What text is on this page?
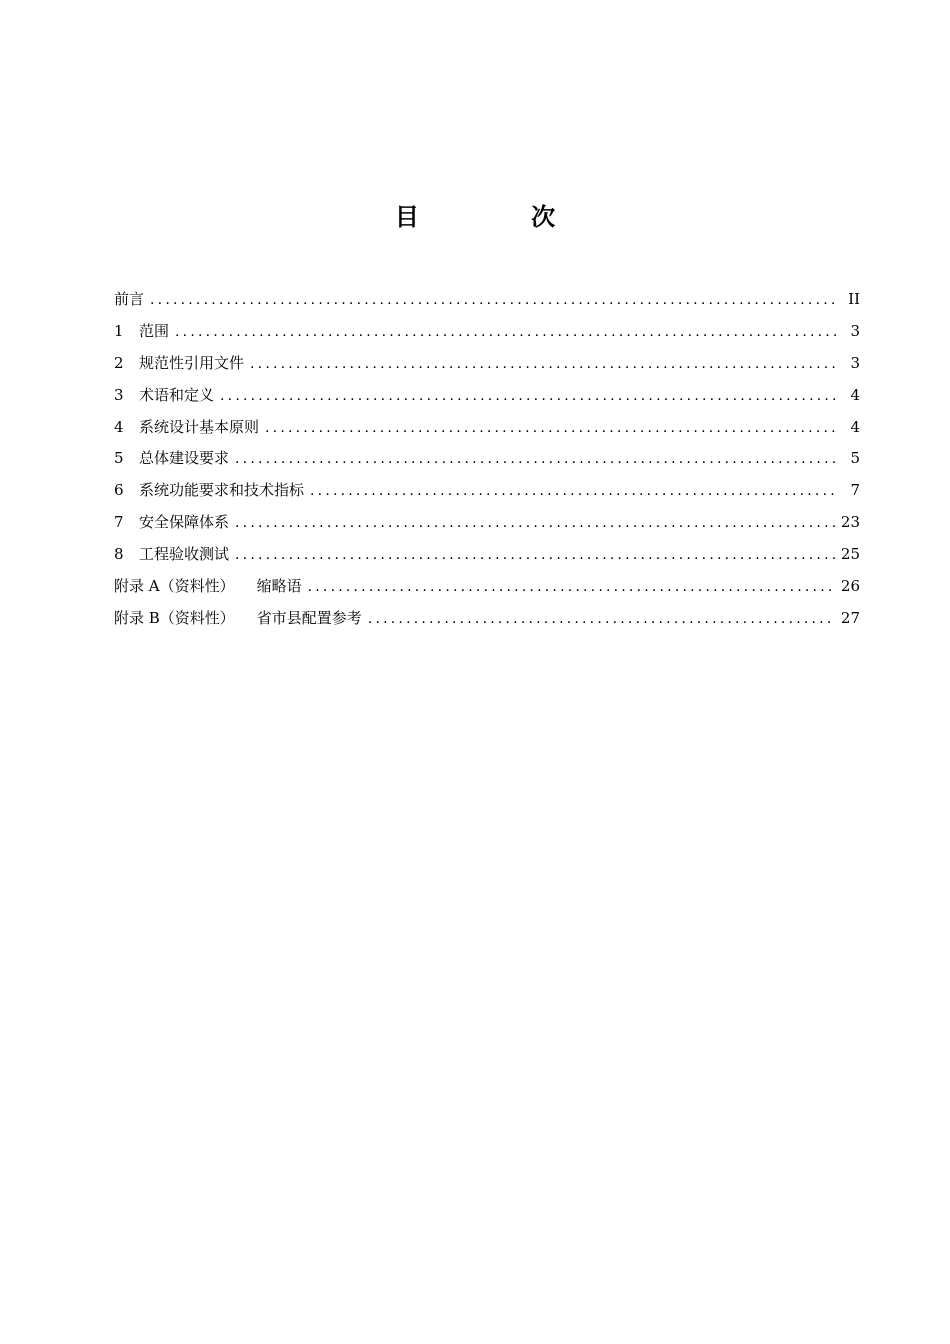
目 次
前言 .....	II
1	范围 .....	3
2	规范性引用文件 .....	3
3	术语和定义 .....	4
4	系统设计基本原则 .....	4
5	总体建设要求 .....	5
6	系统功能要求和技术指标 .....	7
7	安全保障体系 .....	23
8	工程验收测试 .....	25
附录 A（资料性） 缩略语 .....	26
附录 B（资料性） 省市县配置参考 .....	27
